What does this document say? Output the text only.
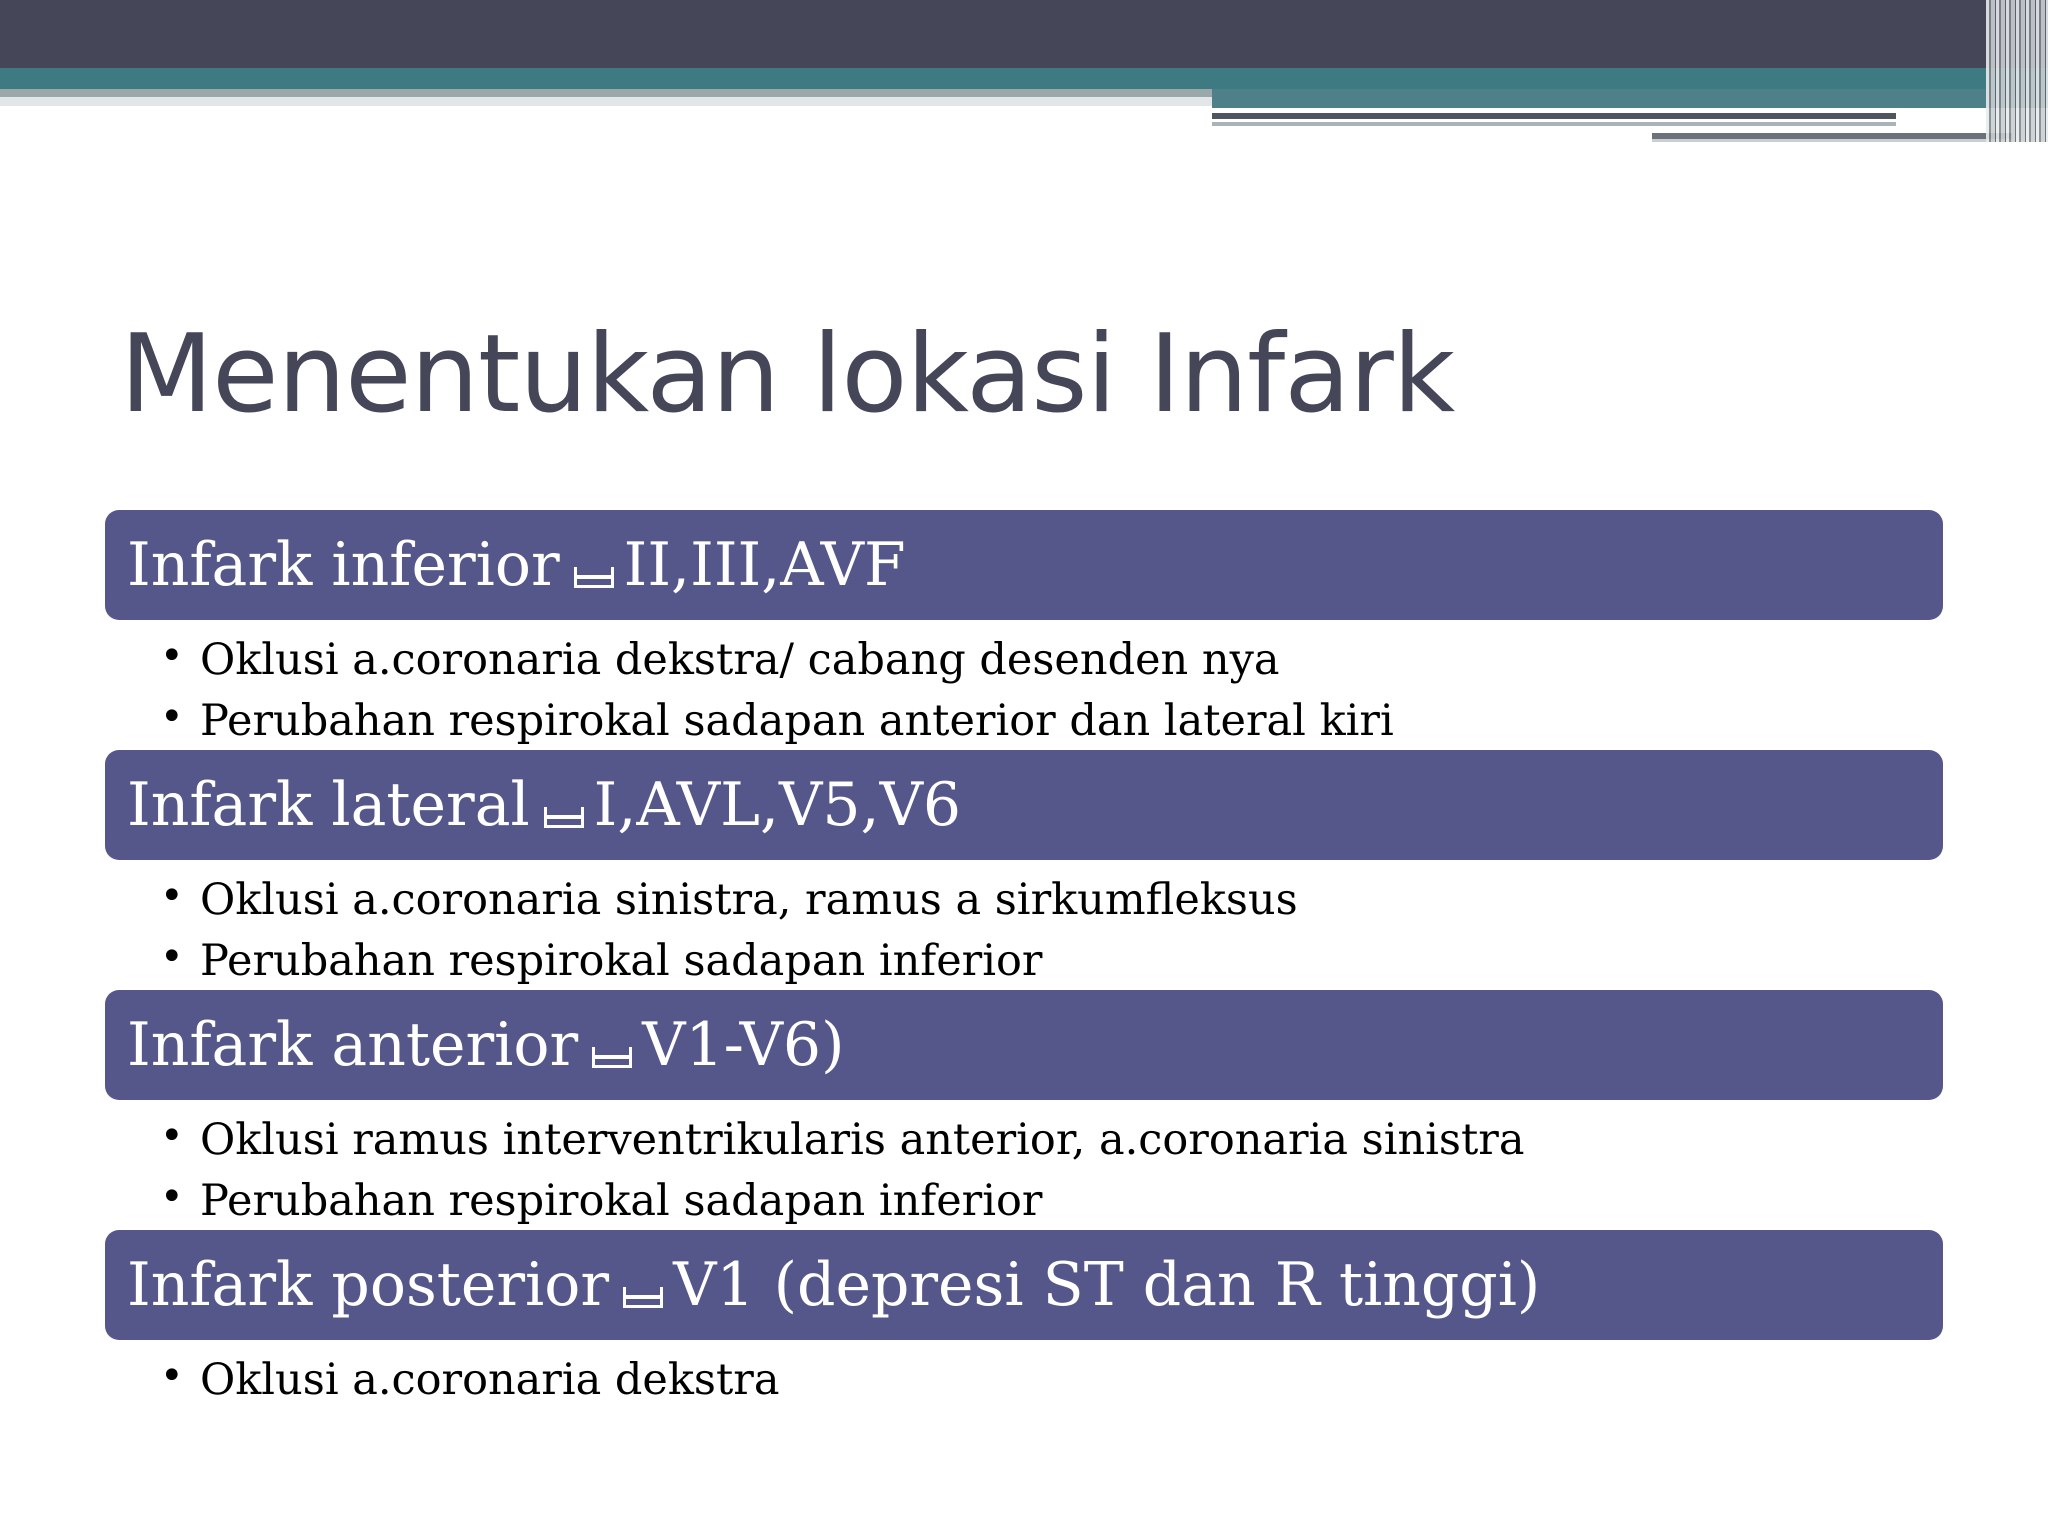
Menentukan lokasi Infark
Infark inferior II,III,AVF
• Oklusi a.coronaria dekstra/ cabang desenden nya
• Perubahan respirokal sadapan anterior dan lateral kiri
Infark lateral I,AVL,V5,V6
• Oklusi a.coronaria sinistra, ramus a sirkumfleksus
• Perubahan respirokal sadapan inferior
Infark anterior V1-V6)
• Oklusi ramus interventrikularis anterior, a.coronaria sinistra
• Perubahan respirokal sadapan inferior
Infark posterior V1 (depresi ST dan R tinggi)
• Oklusi a.coronaria dekstra
